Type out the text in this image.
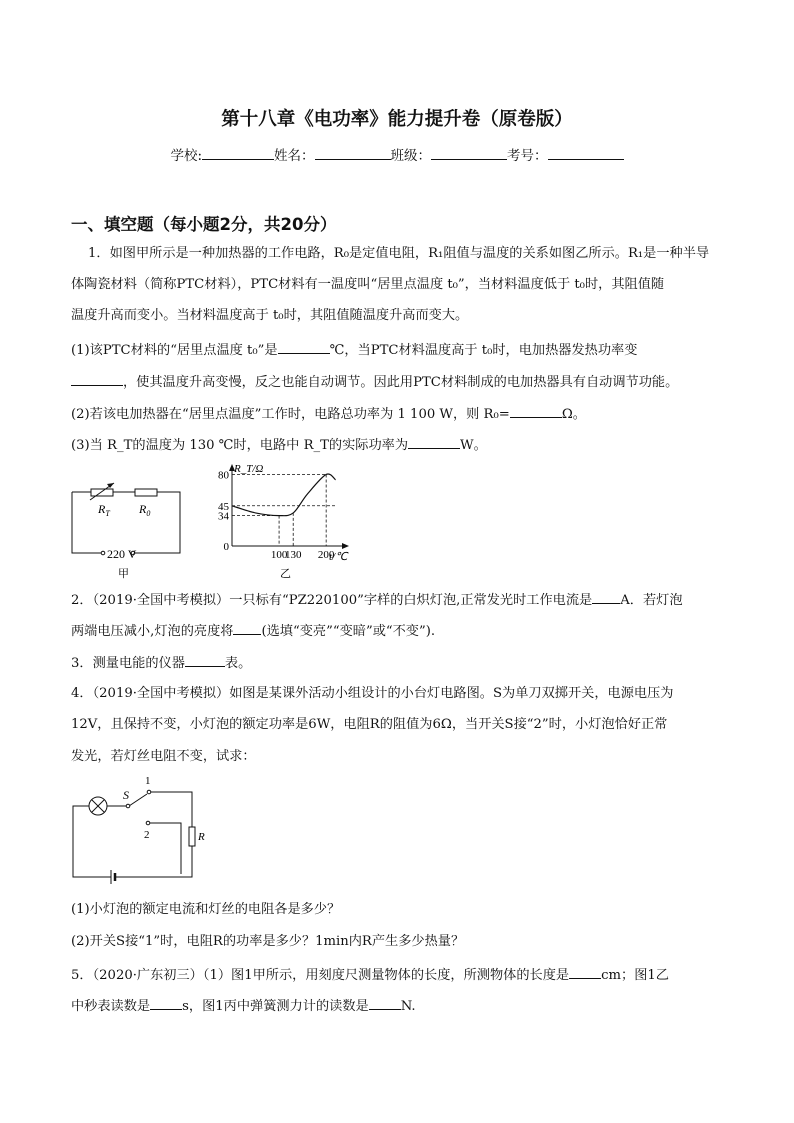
第十八章《电功率》能力提升卷（原卷版）
学校:	姓名：	班级：	考号：
一、填空题（每小题2分，共20分）
1．如图甲所示是一种加热器的工作电路，R₀是定值电阻，R₁阻值与温度的关系如图乙所示。R₁是一种半导
体陶瓷材料（简称PTC材料），PTC材料有一温度叫“居里点温度 t₀”，当材料温度低于 t₀时，其阻值随
温度升高而变小。当材料温度高于 t₀时，其阻值随温度升高而变大。
(1)该PTC材料的“居里点温度 t₀”是	℃，当PTC材料温度高于 t₀时，电加热器发热功率变
，使其温度升高变慢，反之也能自动调节。因此用PTC材料制成的电加热器具有自动调节功能。
(2)若该电加热器在“居里点温度”工作时，电路总功率为 1 100 W，则 R₀=	Ω。
(3)当 R_T的温度为 130 ℃时，电路中 R_T的实际功率为	W。
$R_T$ $R_0$
220 V
甲
R_T/Ω
t/℃
0
34
45
80
100
130 200
乙
2．（2019·全国中考模拟）一只标有“PZ220100”字样的白炽灯泡,正常发光时工作电流是 A．若灯泡
两端电压减小,灯泡的亮度将 (选填“变亮”“变暗”或“不变”).
3．测量电能的仪器	表。
4．（2019·全国中考模拟）如图是某课外活动小组设计的小台灯电路图。S为单刀双掷开关，电源电压为
12V，且保持不变，小灯泡的额定功率是6W，电阻R的阻值为6Ω，当开关S接“2”时，小灯泡恰好正常
发光，若灯丝电阻不变，试求：
S
1
2	R
(1)小灯泡的额定电流和灯丝的电阻各是多少？
(2)开关S接“1”时，电阻R的功率是多少？1min内R产生多少热量？
5．（2020·广东初三）（1）图1甲所示，用刻度尺测量物体的长度，所测物体的长度是 cm；图1乙
中秒表读数是 s，图1丙中弹簧测力计的读数是 N.
